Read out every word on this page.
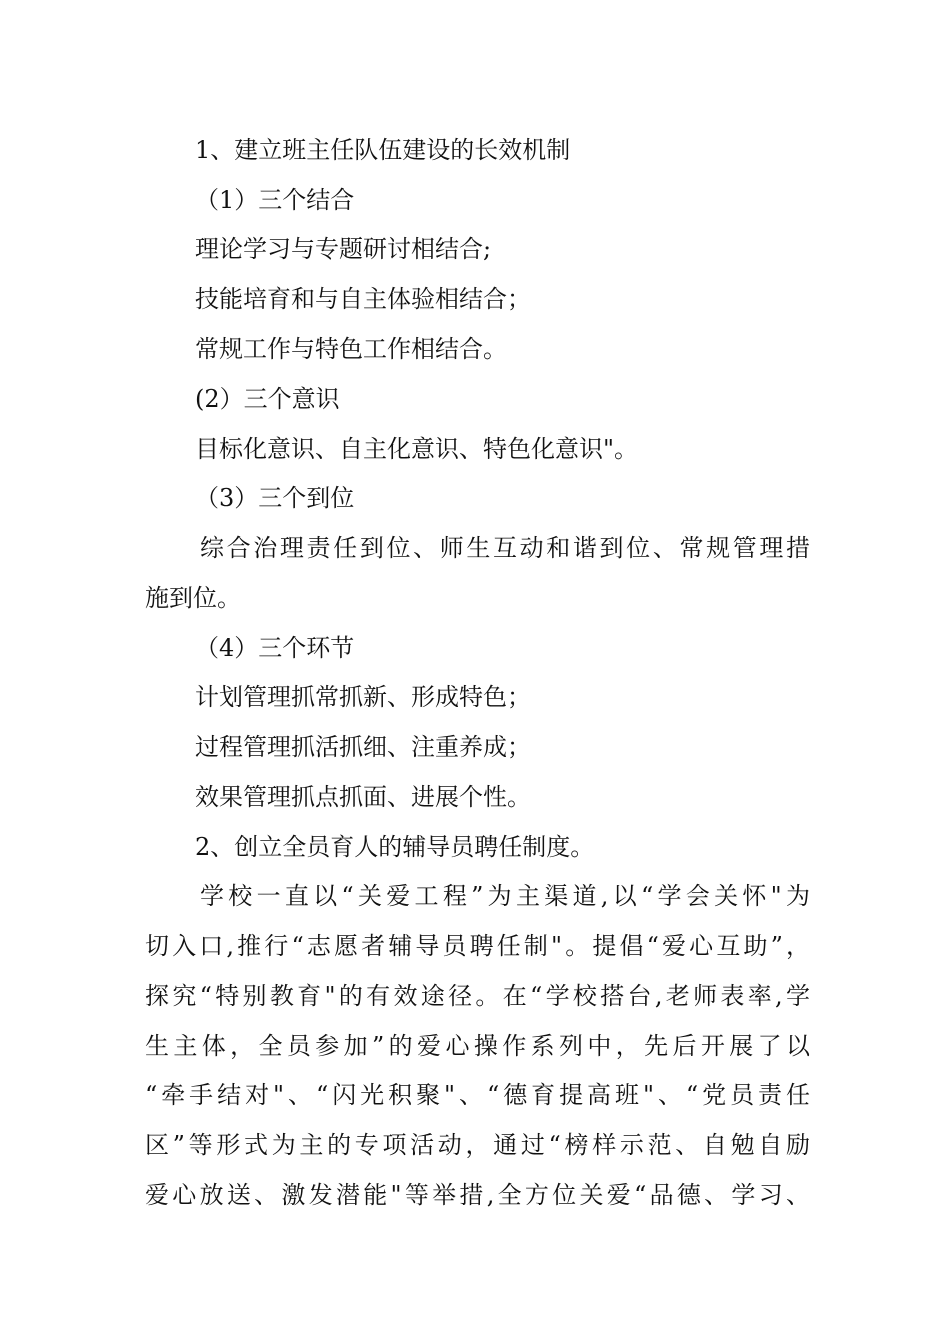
1、建立班主任队伍建设的长效机制
（1）三个结合
理论学习与专题研讨相结合;
技能培育和与自主体验相结合；
常规工作与特色工作相结合。
(2）三个意识
目标化意识、自主化意识、特色化意识"。
（3）三个到位
综合治理责任到位、师生互动和谐到位、常规管理措
施到位。
（4）三个环节
计划管理抓常抓新、形成特色；
过程管理抓活抓细、注重养成；
效果管理抓点抓面、进展个性。
2、创立全员育人的辅导员聘任制度。
学校一直以“关爱工程”为主渠道,以“学会关怀"为
切入口,推行“志愿者辅导员聘任制"。提倡“爱心互助”，
探究“特别教育"的有效途径。在“学校搭台,老师表率,学
生主体，全员参加”的爱心操作系列中，先后开展了以
“牵手结对"、“闪光积聚"、“德育提高班"、“党员责任
区”等形式为主的专项活动，通过“榜样示范、自勉自励
爱心放送、激发潜能"等举措,全方位关爱“品德、学习、
